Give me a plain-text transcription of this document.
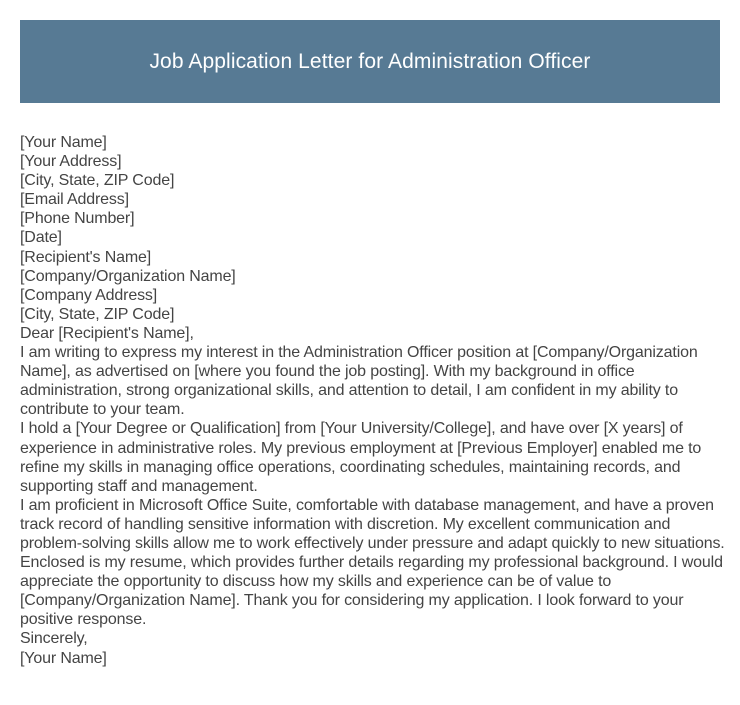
Job Application Letter for Administration Officer
[Your Name]
[Your Address]
[City, State, ZIP Code]
[Email Address]
[Phone Number]
[Date]
[Recipient's Name]
[Company/Organization Name]
[Company Address]
[City, State, ZIP Code]
Dear [Recipient's Name],
I am writing to express my interest in the Administration Officer position at [Company/Organization Name], as advertised on [where you found the job posting]. With my background in office administration, strong organizational skills, and attention to detail, I am confident in my ability to contribute to your team.
I hold a [Your Degree or Qualification] from [Your University/College], and have over [X years] of experience in administrative roles. My previous employment at [Previous Employer] enabled me to refine my skills in managing office operations, coordinating schedules, maintaining records, and supporting staff and management.
I am proficient in Microsoft Office Suite, comfortable with database management, and have a proven track record of handling sensitive information with discretion. My excellent communication and problem-solving skills allow me to work effectively under pressure and adapt quickly to new situations.
Enclosed is my resume, which provides further details regarding my professional background. I would appreciate the opportunity to discuss how my skills and experience can be of value to [Company/Organization Name]. Thank you for considering my application. I look forward to your positive response.
Sincerely,
[Your Name]
